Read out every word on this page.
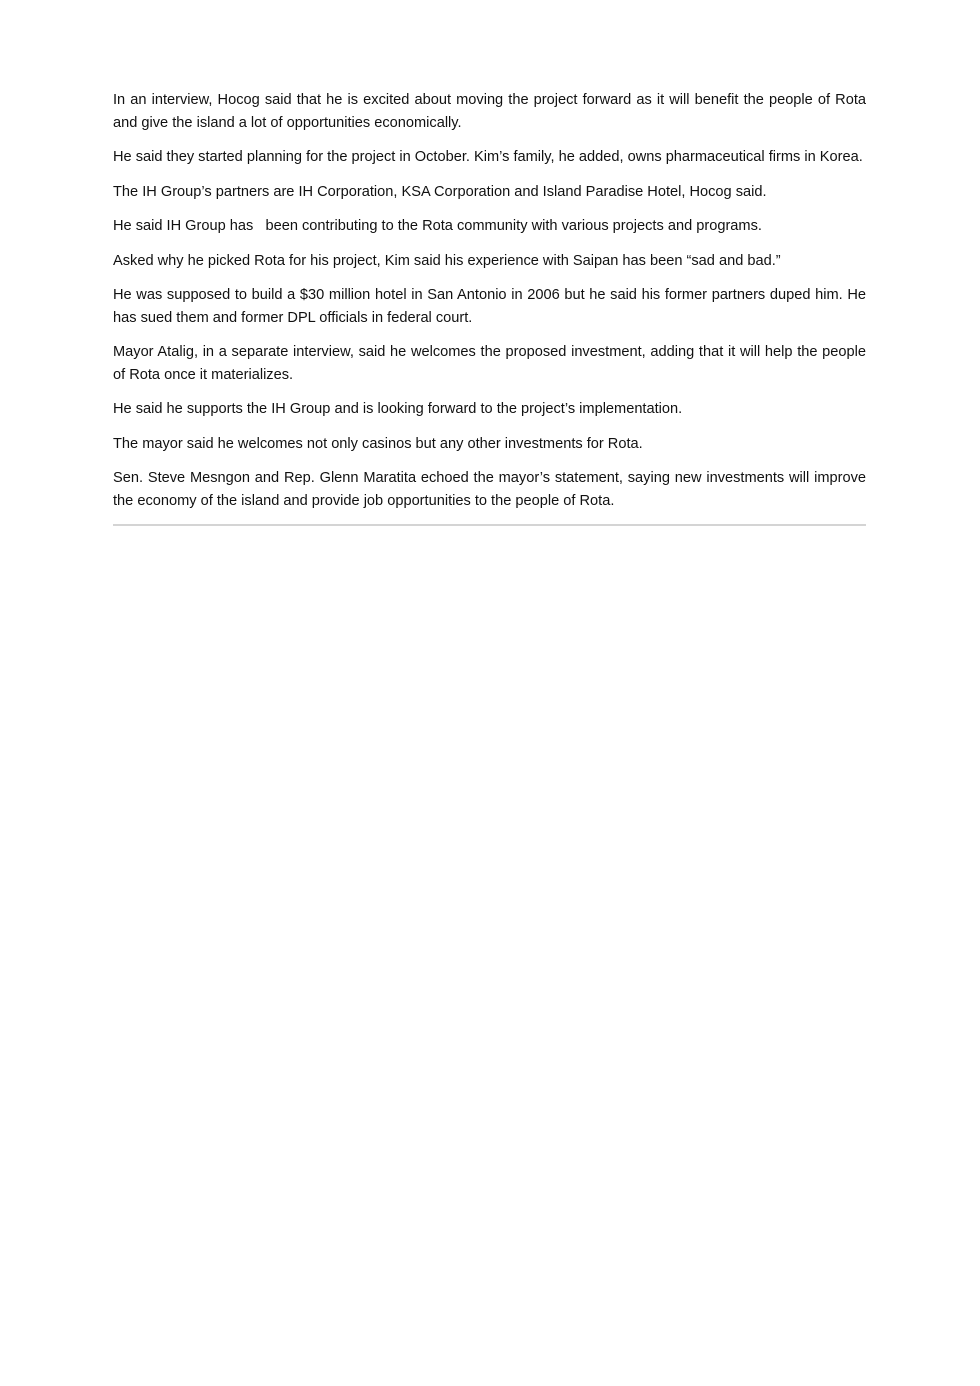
In an interview, Hocog said that he is excited about moving the project forward as it will benefit the people of Rota and give the island a lot of opportunities economically.

He said they started planning for the project in October. Kim’s family, he added, owns pharmaceutical firms in Korea.

The IH Group’s partners are IH Corporation, KSA Corporation and Island Paradise Hotel, Hocog said.

He said IH Group has   been contributing to the Rota community with various projects and programs.

Asked why he picked Rota for his project, Kim said his experience with Saipan has been “sad and bad.”

He was supposed to build a $30 million hotel in San Antonio in 2006 but he said his former partners duped him. He has sued them and former DPL officials in federal court.

Mayor Atalig, in a separate interview, said he welcomes the proposed investment, adding that it will help the people of Rota once it materializes.

He said he supports the IH Group and is looking forward to the project’s implementation.

The mayor said he welcomes not only casinos but any other investments for Rota.

Sen. Steve Mesngon and Rep. Glenn Maratita echoed the mayor’s statement, saying new investments will improve the economy of the island and provide job opportunities to the people of Rota.
